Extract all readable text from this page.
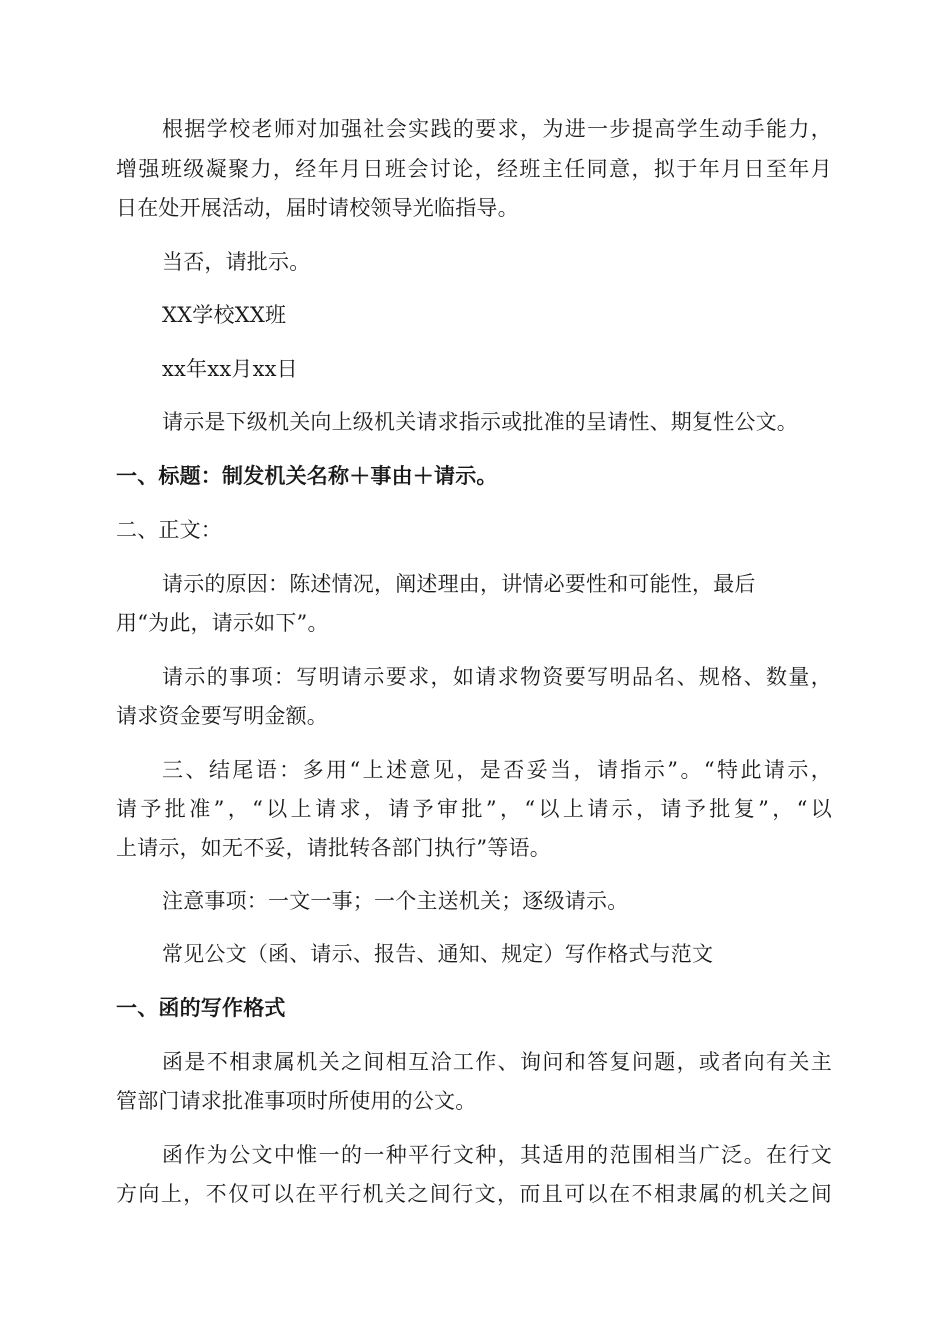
根据学校老师对加强社会实践的要求，为进一步提高学生动手能力，
增强班级凝聚力，经年月日班会讨论，经班主任同意，拟于年月日至年月
日在处开展活动，届时请校领导光临指导。
当否，请批示。
XX学校XX班
xx年xx月xx日
请示是下级机关向上级机关请求指示或批准的呈请性、期复性公文。
一、标题：制发机关名称＋事由＋请示。
二、正文：
请示的原因：陈述情况，阐述理由，讲情必要性和可能性，最后
用“为此，请示如下”。
请示的事项：写明请示要求，如请求物资要写明品名、规格、数量，
请求资金要写明金额。
三、结尾语：多用“上述意见，是否妥当，请指示”。“特此请示，
请予批准”，“以上请求，请予审批”，“以上请示，请予批复”，“以
上请示，如无不妥，请批转各部门执行”等语。
注意事项：一文一事；一个主送机关；逐级请示。
常见公文（函、请示、报告、通知、规定）写作格式与范文
一、函的写作格式
函是不相隶属机关之间相互洽工作、询问和答复问题，或者向有关主
管部门请求批准事项时所使用的公文。
函作为公文中惟一的一种平行文种，其适用的范围相当广泛。在行文
方向上，不仅可以在平行机关之间行文，而且可以在不相隶属的机关之间
